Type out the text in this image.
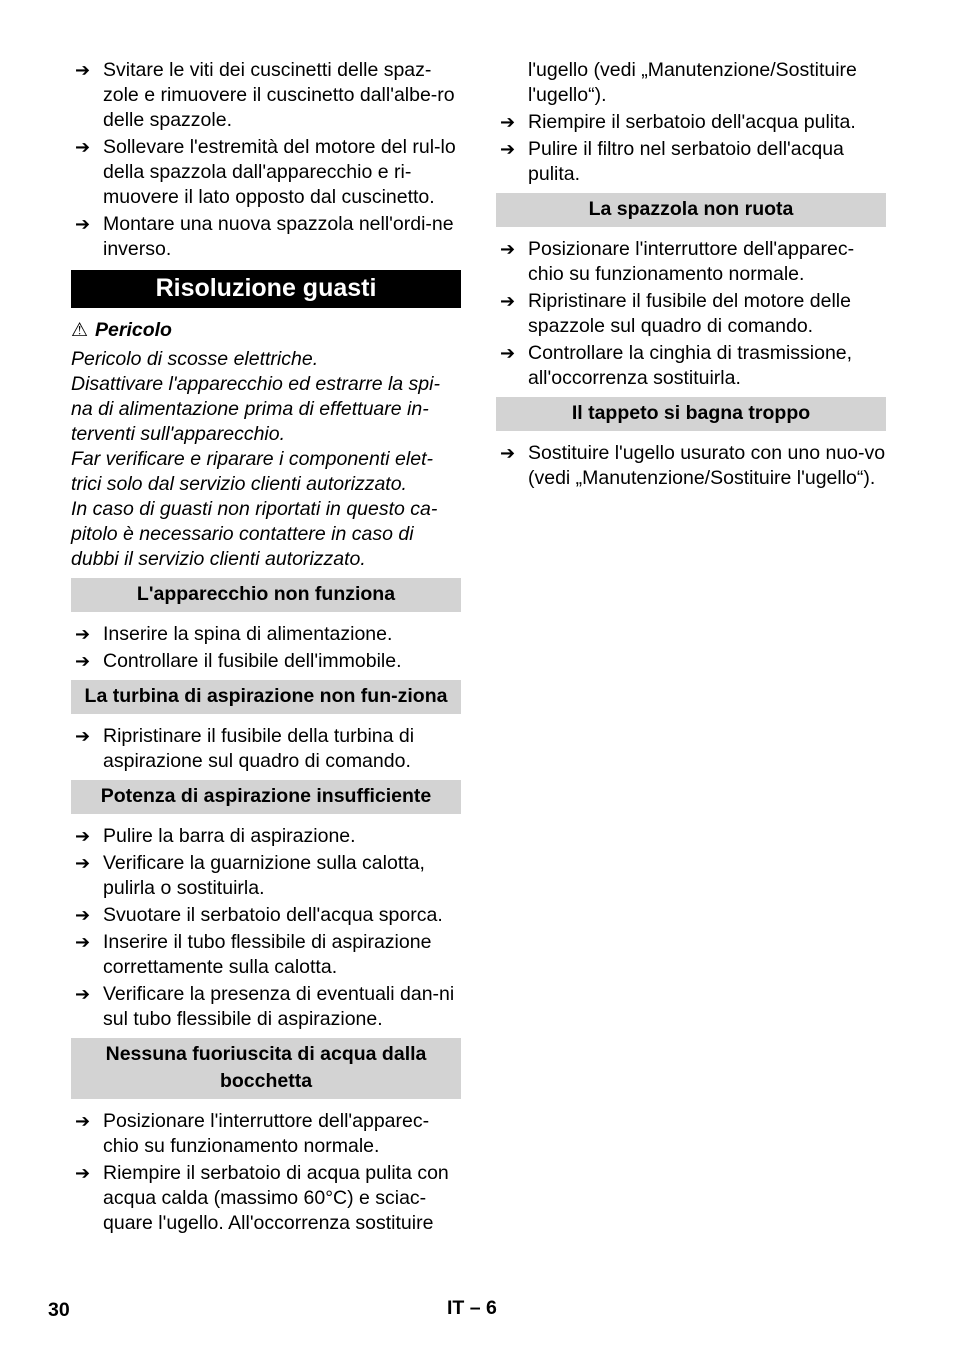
➔ Svitare le viti dei cuscinetti delle spaz-zole e rimuovere il cuscinetto dall'albe-ro delle spazzole.
➔ Sollevare l'estremità del motore del rul-lo della spazzola dall'apparecchio e ri-muovere il lato opposto dal cuscinetto.
➔ Montare una nuova spazzola nell'ordi-ne inverso.
Risoluzione guasti
⚠ Pericolo

Pericolo di scosse elettriche.

Disattivare l'apparecchio ed estrarre la spi-na di alimentazione prima di effettuare in-terventi sull'apparecchio.

Far verificare e riparare i componenti elet-trici solo dal servizio clienti autorizzato.

In caso di guasti non riportati in questo ca-pitolo è necessario contattere in caso di dubbi il servizio clienti autorizzato.

L'apparecchio non funziona
➔ Inserire la spina di alimentazione.
➔ Controllare il fusibile dell'immobile.
La turbina di aspirazione non fun-ziona
➔ Ripristinare il fusibile della turbina di aspirazione sul quadro di comando.
Potenza di aspirazione insufficiente
➔ Pulire la barra di aspirazione.
➔ Verificare la guarnizione sulla calotta, pulirla o sostituirla.
➔ Svuotare il serbatoio dell'acqua sporca.
➔ Inserire il tubo flessibile di aspirazione correttamente sulla calotta.
➔ Verificare la presenza di eventuali dan-ni sul tubo flessibile di aspirazione.
Nessuna fuoriuscita di acqua dalla bocchetta
➔ Posizionare l'interruttore dell'apparec-chio su funzionamento normale.
➔ Riempire il serbatoio di acqua pulita con acqua calda (massimo 60°C) e sciac-quare l'ugello. All'occorrenza sostituire
l'ugello (vedi „Manutenzione/Sostituire l'ugello“).
➔ Riempire il serbatoio dell'acqua pulita.
➔ Pulire il filtro nel serbatoio dell'acqua pulita.
La spazzola non ruota
➔ Posizionare l'interruttore dell'apparec-chio su funzionamento normale.
➔ Ripristinare il fusibile del motore delle spazzole sul quadro di comando.
➔ Controllare la cinghia di trasmissione, all'occorrenza sostituirla.
Il tappeto si bagna troppo
➔ Sostituire l'ugello usurato con uno nuo-vo (vedi „Manutenzione/Sostituire l'ugello“).
30	IT – 6
